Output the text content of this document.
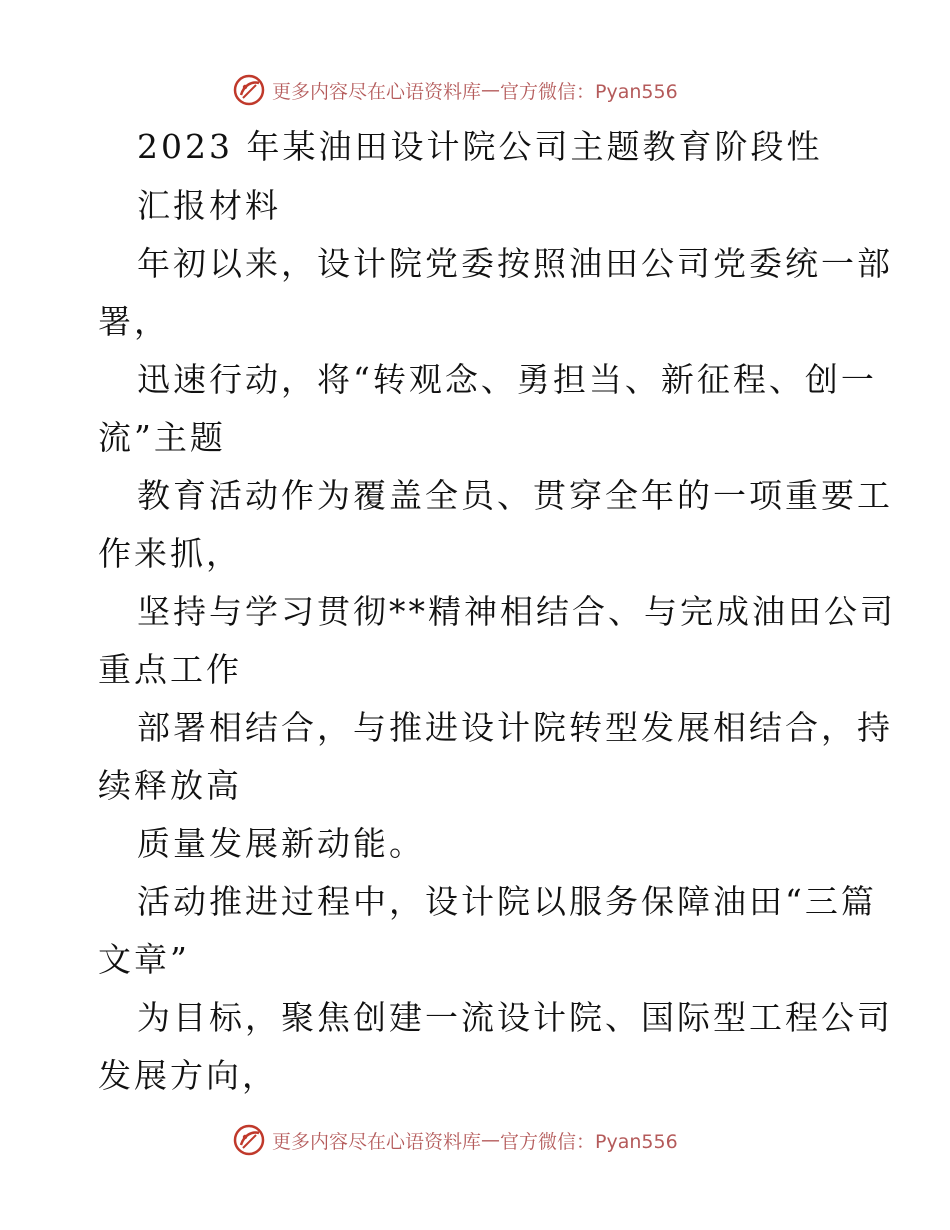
更多内容尽在心语资料库 — 官方微信：Pyan556
2023 年某油田设计院公司主题教育阶段性
汇报材料
年初以来，设计院党委按照油田公司党委统一部
署，
迅速行动，将“转观念、勇担当、新征程、创一
流”主题
教育活动作为覆盖全员、贯穿全年的一项重要工
作来抓，
坚持与学习贯彻**精神相结合、与完成油田公司
重点工作
部署相结合，与推进设计院转型发展相结合，持
续释放高
质量发展新动能。
活动推进过程中，设计院以服务保障油田“三篇
文章”
为目标，聚焦创建一流设计院、国际型工程公司
发展方向，
更多内容尽在心语资料库 — 官方微信：Pyan556
